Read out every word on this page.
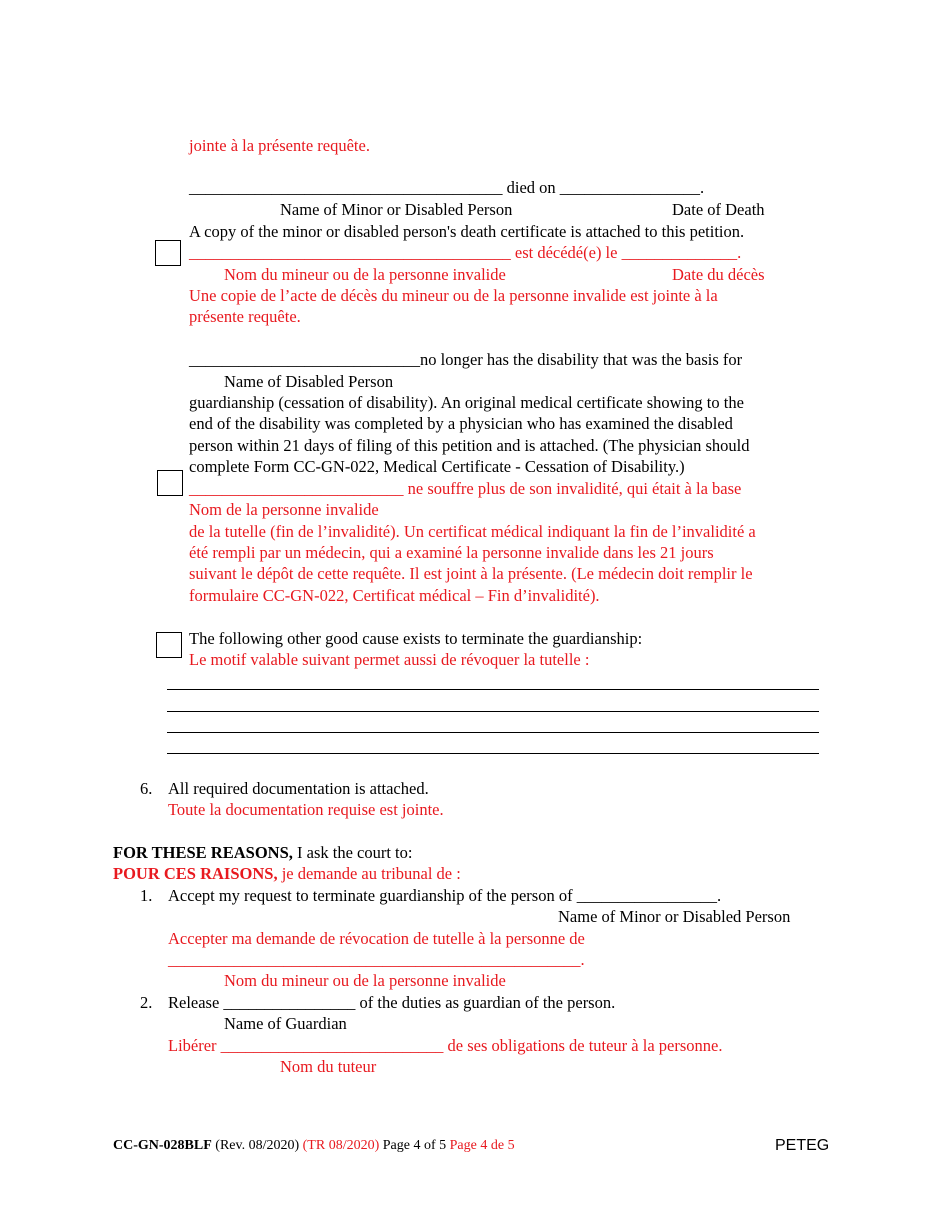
jointe à la présente requête.
______________________________________ died on _________________.
Name of Minor or Disabled Person	Date of Death
A copy of the minor or disabled person's death certificate is attached to this petition.
_______________________________________ est décédé(e) le ______________.
Nom du mineur ou de la personne invalide	Date du décès
Une copie de l’acte de décès du mineur ou de la personne invalide est jointe à la
présente requête.
____________________________no longer has the disability that was the basis for
Name of Disabled Person
guardianship (cessation of disability). An original medical certificate showing to the
end of the disability was completed by a physician who has examined the disabled
person within 21 days of filing of this petition and is attached. (The physician should
complete Form CC-GN-022, Medical Certificate - Cessation of Disability.)
__________________________ ne souffre plus de son invalidité, qui était à la base
Nom de la personne invalide
de la tutelle (fin de l’invalidité). Un certificat médical indiquant la fin de l’invalidité a
été rempli par un médecin, qui a examiné la personne invalide dans les 21 jours
suivant le dépôt de cette requête. Il est joint à la présente. (Le médecin doit remplir le
formulaire CC-GN-022, Certificat médical – Fin d’invalidité).
The following other good cause exists to terminate the guardianship:
Le motif valable suivant permet aussi de révoquer la tutelle :
6. All required documentation is attached.
Toute la documentation requise est jointe.
FOR THESE REASONS, I ask the court to:
POUR CES RAISONS, je demande au tribunal de :
1. Accept my request to terminate guardianship of the person of _________________.
Name of Minor or Disabled Person
Accepter ma demande de révocation de tutelle à la personne de
__________________________________________________.
Nom du mineur ou de la personne invalide
2. Release ________________ of the duties as guardian of the person.
Name of Guardian
Libérer ___________________________ de ses obligations de tuteur à la personne.
Nom du tuteur
CC-GN-028BLF (Rev. 08/2020) (TR 08/2020) Page 4 of 5 Page 4 de 5	PETEG
